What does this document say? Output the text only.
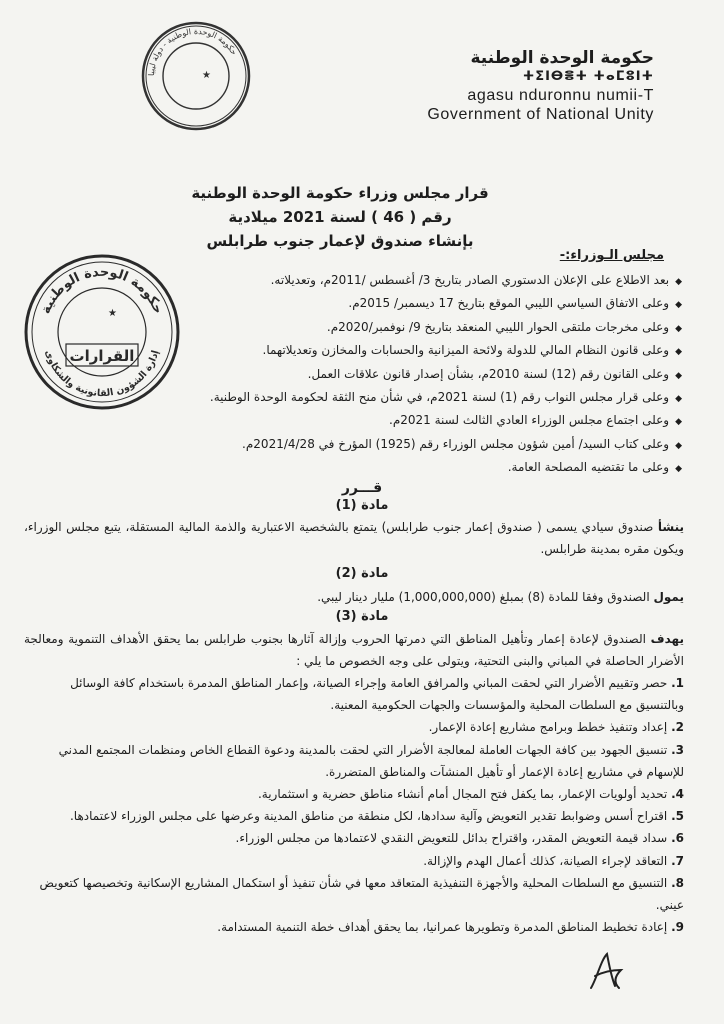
حكومة الوحدة الوطنية - دولة ليبيا
★
حكومة الوحدة الوطنية
ⵜⵉⵏⴱⴻⵜ ⵜⴰⵎⵓⵏⵜ
agasu nduronnu numii-T
Government of National Unity
قرار مجلس وزراء حكومة الوحدة الوطنية
رقم ( 46 ) لسنة 2021 ميلادية
بإنشاء صندوق لإعمار جنوب طرابلس
حكومة الوحدة الوطنية
إدارة الشؤون القانونية والشكاوى
★
القرارات
مجلس الـوزراء:-
◆بعد الاطلاع على الإعلان الدستوري الصادر بتاريخ 3/ أغسطس /2011م، وتعديلاته.
◆وعلى الاتفاق السياسي الليبي الموقع بتاريخ 17 ديسمبر/ 2015م.
◆وعلى مخرجات ملتقى الحوار الليبي المنعقد بتاريخ 9/ نوفمبر/2020م.
◆وعلى قانون النظام المالي للدولة ولائحة الميزانية والحسابات والمخازن وتعديلاتهما.
◆وعلى القانون رقم (12) لسنة 2010م، بشأن إصدار قانون علاقات العمل.
◆وعلى قرار مجلس النواب رقم (1) لسنة 2021م، في شأن منح الثقة لحكومة الوحدة الوطنية.
◆وعلى اجتماع مجلس الوزراء العادي الثالث لسنة 2021م.
◆وعلى كتاب السيد/ أمين شؤون مجلس الوزراء رقم (1925) المؤرخ في 2021/4/28م.
◆وعلى ما تقتضيه المصلحة العامة.
قـــرر
مادة (1)
ينشأ صندوق سيادي يسمى ( صندوق إعمار جنوب طرابلس) يتمتع بالشخصية الاعتبارية والذمة المالية المستقلة، يتبع مجلس الوزراء، ويكون مقره بمدينة طرابلس.
مادة (2)
يمول الصندوق وفقا للمادة (8) بمبلغ (1,000,000,000) مليار دينار ليبي.
مادة (3)
يهدف الصندوق لإعادة إعمار وتأهيل المناطق التي دمرتها الحروب وإزالة آثارها بجنوب طرابلس بما يحقق الأهداف التنموية ومعالجة الأضرار الحاصلة في المباني والبنى التحتية، ويتولى على وجه الخصوص ما يلي :
1. حصر وتقييم الأضرار التي لحقت المباني والمرافق العامة وإجراء الصيانة، وإعمار المناطق المدمرة باستخدام كافة الوسائل وبالتنسيق مع السلطات المحلية والمؤسسات والجهات الحكومية المعنية.
2. إعداد وتنفيذ خطط وبرامج مشاريع إعادة الإعمار.
3. تنسيق الجهود بين كافة الجهات العاملة لمعالجة الأضرار التي لحقت بالمدينة ودعوة القطاع الخاص ومنظمات المجتمع المدني للإسهام في مشاريع إعادة الإعمار أو تأهيل المنشآت والمناطق المتضررة.
4. تحديد أولويات الإعمار، بما يكفل فتح المجال أمام أنشاء مناطق حضرية و استثمارية.
5. اقتراح أسس وضوابط تقدير التعويض وآلية سدادها، لكل منطقة من مناطق المدينة وعرضها على مجلس الوزراء لاعتمادها.
6. سداد قيمة التعويض المقدر، واقتراح بدائل للتعويض النقدي لاعتمادها من مجلس الوزراء.
7. التعاقد لإجراء الصيانة، كذلك أعمال الهدم والإزالة.
8. التنسيق مع السلطات المحلية والأجهزة التنفيذية المتعاقد معها في شأن تنفيذ أو استكمال المشاريع الإسكانية وتخصيصها كتعويض عيني.
9. إعادة تخطيط المناطق المدمرة وتطويرها عمرانيا، بما يحقق أهداف خطة التنمية المستدامة.
